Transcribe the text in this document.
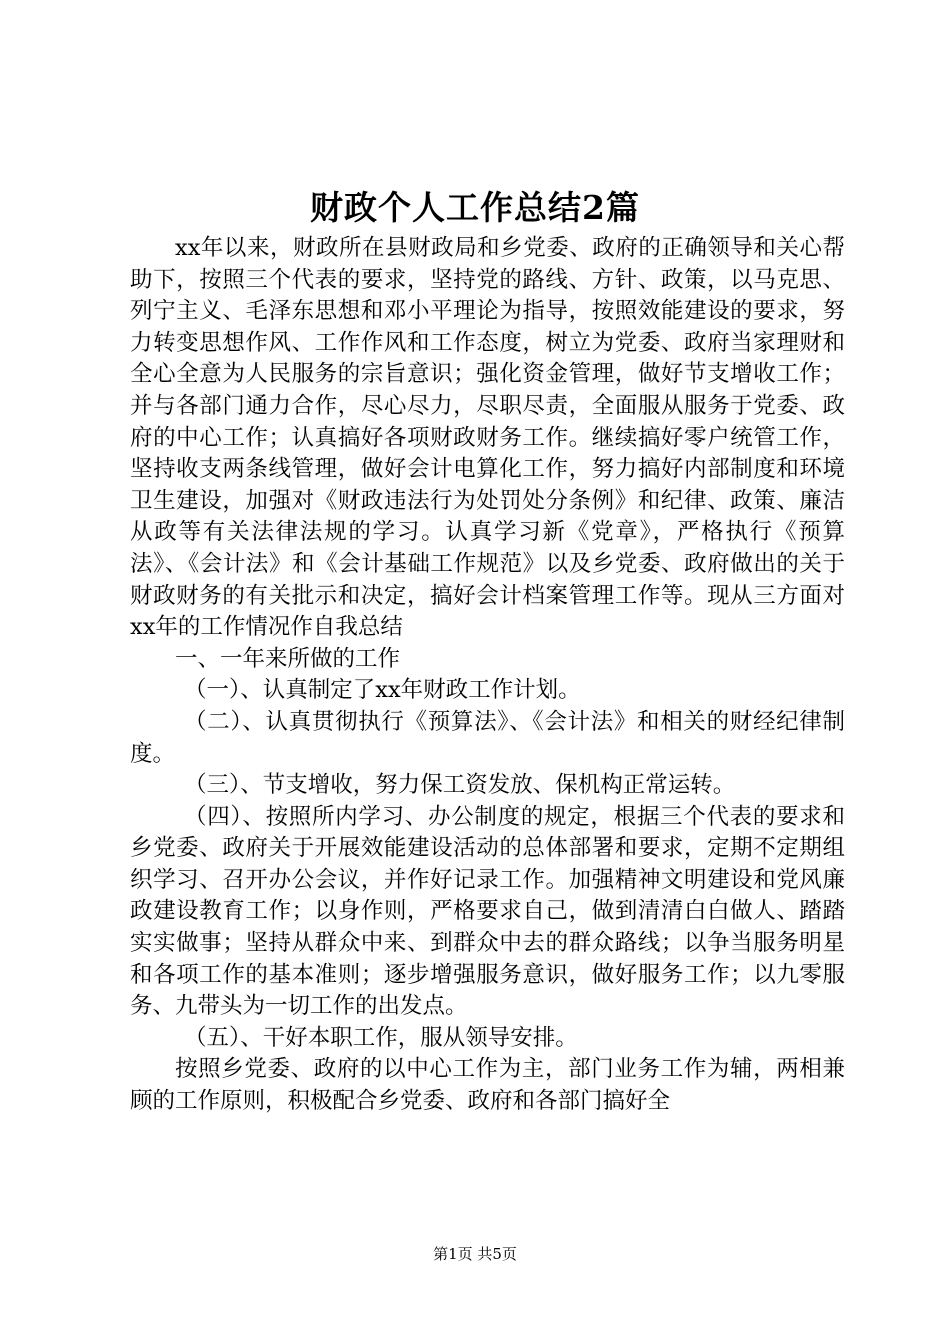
财政个人工作总结2篇

xx年以来，财政所在县财政局和乡党委、政府的正确领导和关心帮助下，按照三个代表的要求，坚持党的路线、方针、政策，以马克思、列宁主义、毛泽东思想和邓小平理论为指导，按照效能建设的要求，努力转变思想作风、工作作风和工作态度，树立为党委、政府当家理财和全心全意为人民服务的宗旨意识；强化资金管理，做好节支增收工作；并与各部门通力合作，尽心尽力，尽职尽责，全面服从服务于党委、政府的中心工作；认真搞好各项财政财务工作。继续搞好零户统管工作，坚持收支两条线管理，做好会计电算化工作，努力搞好内部制度和环境卫生建设，加强对《财政违法行为处罚处分条例》和纪律、政策、廉洁从政等有关法律法规的学习。认真学习新《党章》，严格执行《预算法》、《会计法》和《会计基础工作规范》以及乡党委、政府做出的关于财政财务的有关批示和决定，搞好会计档案管理工作等。现从三方面对xx年的工作情况作自我总结

一、一年来所做的工作

（一）、认真制定了xx年财政工作计划。

（二）、认真贯彻执行《预算法》、《会计法》和相关的财经纪律制度。

（三）、节支增收，努力保工资发放、保机构正常运转。

（四）、按照所内学习、办公制度的规定，根据三个代表的要求和乡党委、政府关于开展效能建设活动的总体部署和要求，定期不定期组织学习、召开办公会议，并作好记录工作。加强精神文明建设和党风廉政建设教育工作；以身作则，严格要求自己，做到清清白白做人、踏踏实实做事；坚持从群众中来、到群众中去的群众路线；以争当服务明星和各项工作的基本准则；逐步增强服务意识，做好服务工作；以九零服务、九带头为一切工作的出发点。

（五）、干好本职工作，服从领导安排。

按照乡党委、政府的以中心工作为主，部门业务工作为辅，两相兼顾的工作原则，积极配合乡党委、政府和各部门搞好全

第1页 共5页
